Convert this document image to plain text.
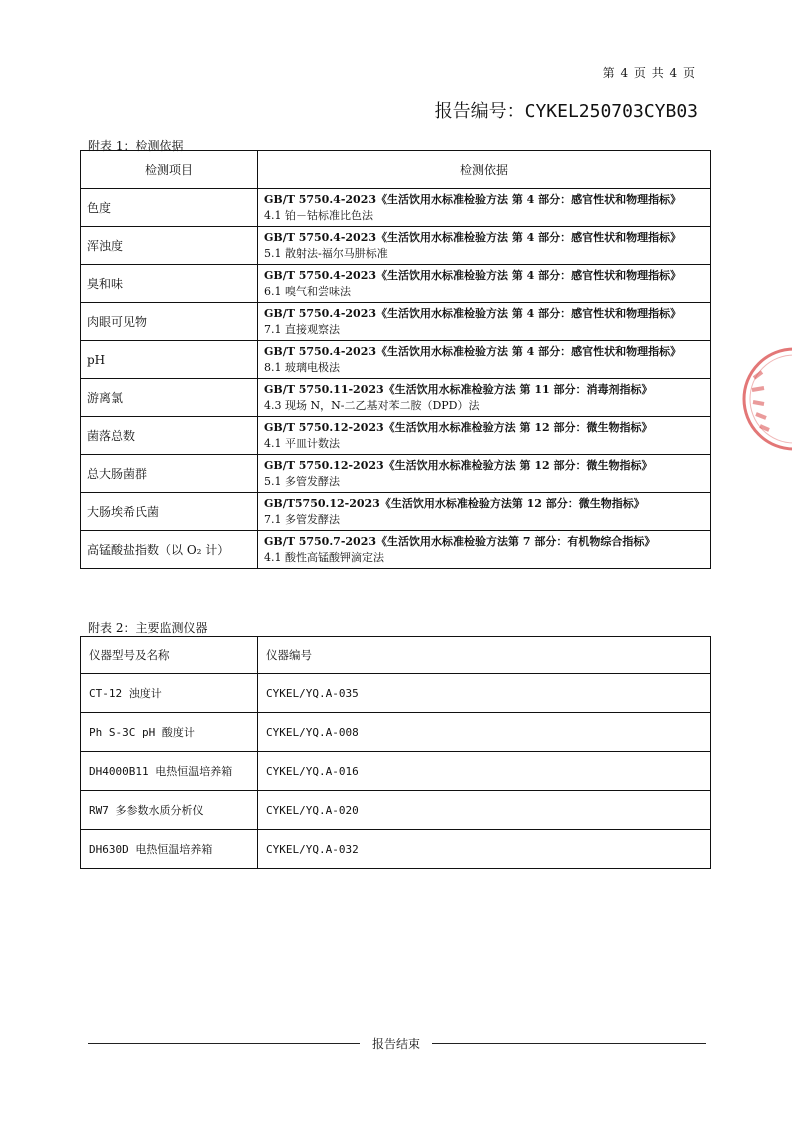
第 4 页 共 4 页
报告编号：CYKEL250703CYB03
附表 1：检测依据
检测项目	检测依据
色度	GB/T 5750.4-2023《生活饮用水标准检验方法 第 4 部分：感官性状和物理指标》
4.1 铂－钴标准比色法

浑浊度	GB/T 5750.4-2023《生活饮用水标准检验方法 第 4 部分：感官性状和物理指标》
5.1 散射法-福尔马肼标准

臭和味	GB/T 5750.4-2023《生活饮用水标准检验方法 第 4 部分：感官性状和物理指标》
6.1 嗅气和尝味法

肉眼可见物	GB/T 5750.4-2023《生活饮用水标准检验方法 第 4 部分：感官性状和物理指标》
7.1 直接观察法

pH	GB/T 5750.4-2023《生活饮用水标准检验方法 第 4 部分：感官性状和物理指标》
8.1 玻璃电极法

游离氯	GB/T 5750.11-2023《生活饮用水标准检验方法 第 11 部分：消毒剂指标》
4.3 现场 N，N-二乙基对苯二胺（DPD）法

菌落总数	GB/T 5750.12-2023《生活饮用水标准检验方法 第 12 部分：微生物指标》
4.1 平皿计数法

总大肠菌群	GB/T 5750.12-2023《生活饮用水标准检验方法 第 12 部分：微生物指标》
5.1 多管发酵法

大肠埃希氏菌	GB/T5750.12-2023《生活饮用水标准检验方法第 12 部分：微生物指标》
7.1 多管发酵法

高锰酸盐指数（以 O₂ 计）	GB/T 5750.7-2023《生活饮用水标准检验方法第 7 部分：有机物综合指标》
4.1 酸性高锰酸钾滴定法
附表 2：主要监测仪器
仪器型号及名称	仪器编号
CT-12 浊度计	CYKEL/YQ.A-035
Ph S-3C pH 酸度计	CYKEL/YQ.A-008
DH4000B11 电热恒温培养箱	CYKEL/YQ.A-016
RW7 多参数水质分析仪	CYKEL/YQ.A-020
DH630D 电热恒温培养箱	CYKEL/YQ.A-032
报告结束
